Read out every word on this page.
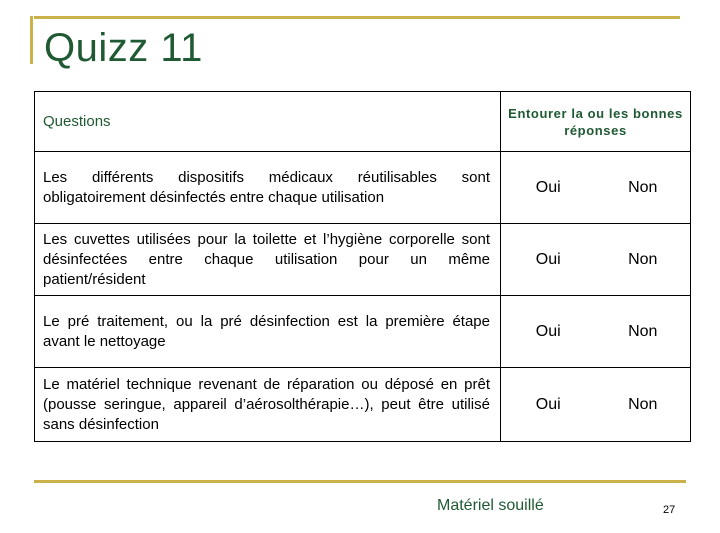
Quizz 11
Questions	Entourer la ou les bonnes réponses
Les différents dispositifs médicaux réutilisables sont obligatoirement désinfectés entre chaque utilisation	Oui Non

Les cuvettes utilisées pour la toilette et l’hygiène corporelle sont désinfectées entre chaque utilisation pour un même patient/résident	Oui Non

Le pré traitement, ou la pré désinfection est la première étape avant le nettoyage	Oui Non

Le matériel technique revenant de réparation ou déposé en prêt (pousse seringue, appareil d’aérosolthérapie…), peut être utilisé sans désinfection	Oui Non
Matériel souillé	27
